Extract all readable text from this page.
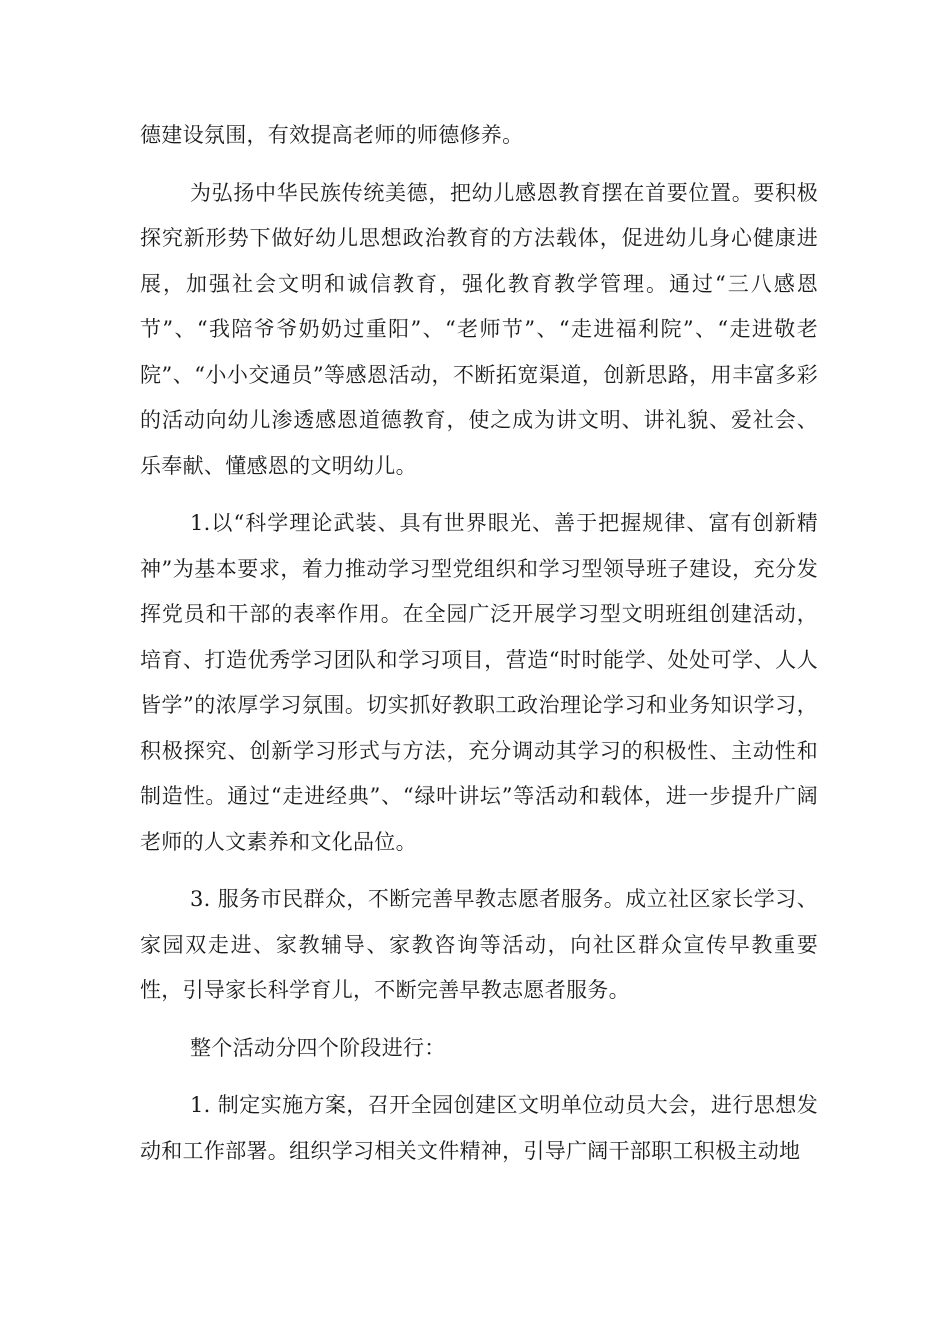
德建设氛围，有效提高老师的师德修养。

为弘扬中华民族传统美德，把幼儿感恩教育摆在首要位置。要积极探究新形势下做好幼儿思想政治教育的方法载体，促进幼儿身心健康进展，加强社会文明和诚信教育，强化教育教学管理。通过“三八感恩节”、“我陪爷爷奶奶过重阳”、“老师节”、“走进福利院”、“走进敬老院”、“小小交通员”等感恩活动，不断拓宽渠道，创新思路，用丰富多彩的活动向幼儿渗透感恩道德教育，使之成为讲文明、讲礼貌、爱社会、乐奉献、懂感恩的文明幼儿。

1.以“科学理论武装、具有世界眼光、善于把握规律、富有创新精神”为基本要求，着力推动学习型党组织和学习型领导班子建设，充分发挥党员和干部的表率作用。在全园广泛开展学习型文明班组创建活动，培育、打造优秀学习团队和学习项目，营造“时时能学、处处可学、人人皆学”的浓厚学习氛围。切实抓好教职工政治理论学习和业务知识学习，积极探究、创新学习形式与方法，充分调动其学习的积极性、主动性和制造性。通过“走进经典”、“绿叶讲坛”等活动和载体，进一步提升广阔老师的人文素养和文化品位。

3. 服务市民群众，不断完善早教志愿者服务。成立社区家长学习、家园双走进、家教辅导、家教咨询等活动，向社区群众宣传早教重要性，引导家长科学育儿，不断完善早教志愿者服务。

整个活动分四个阶段进行：

1. 制定实施方案，召开全园创建区文明单位动员大会，进行思想发动和工作部署。组织学习相关文件精神，引导广阔干部职工积极主动地
